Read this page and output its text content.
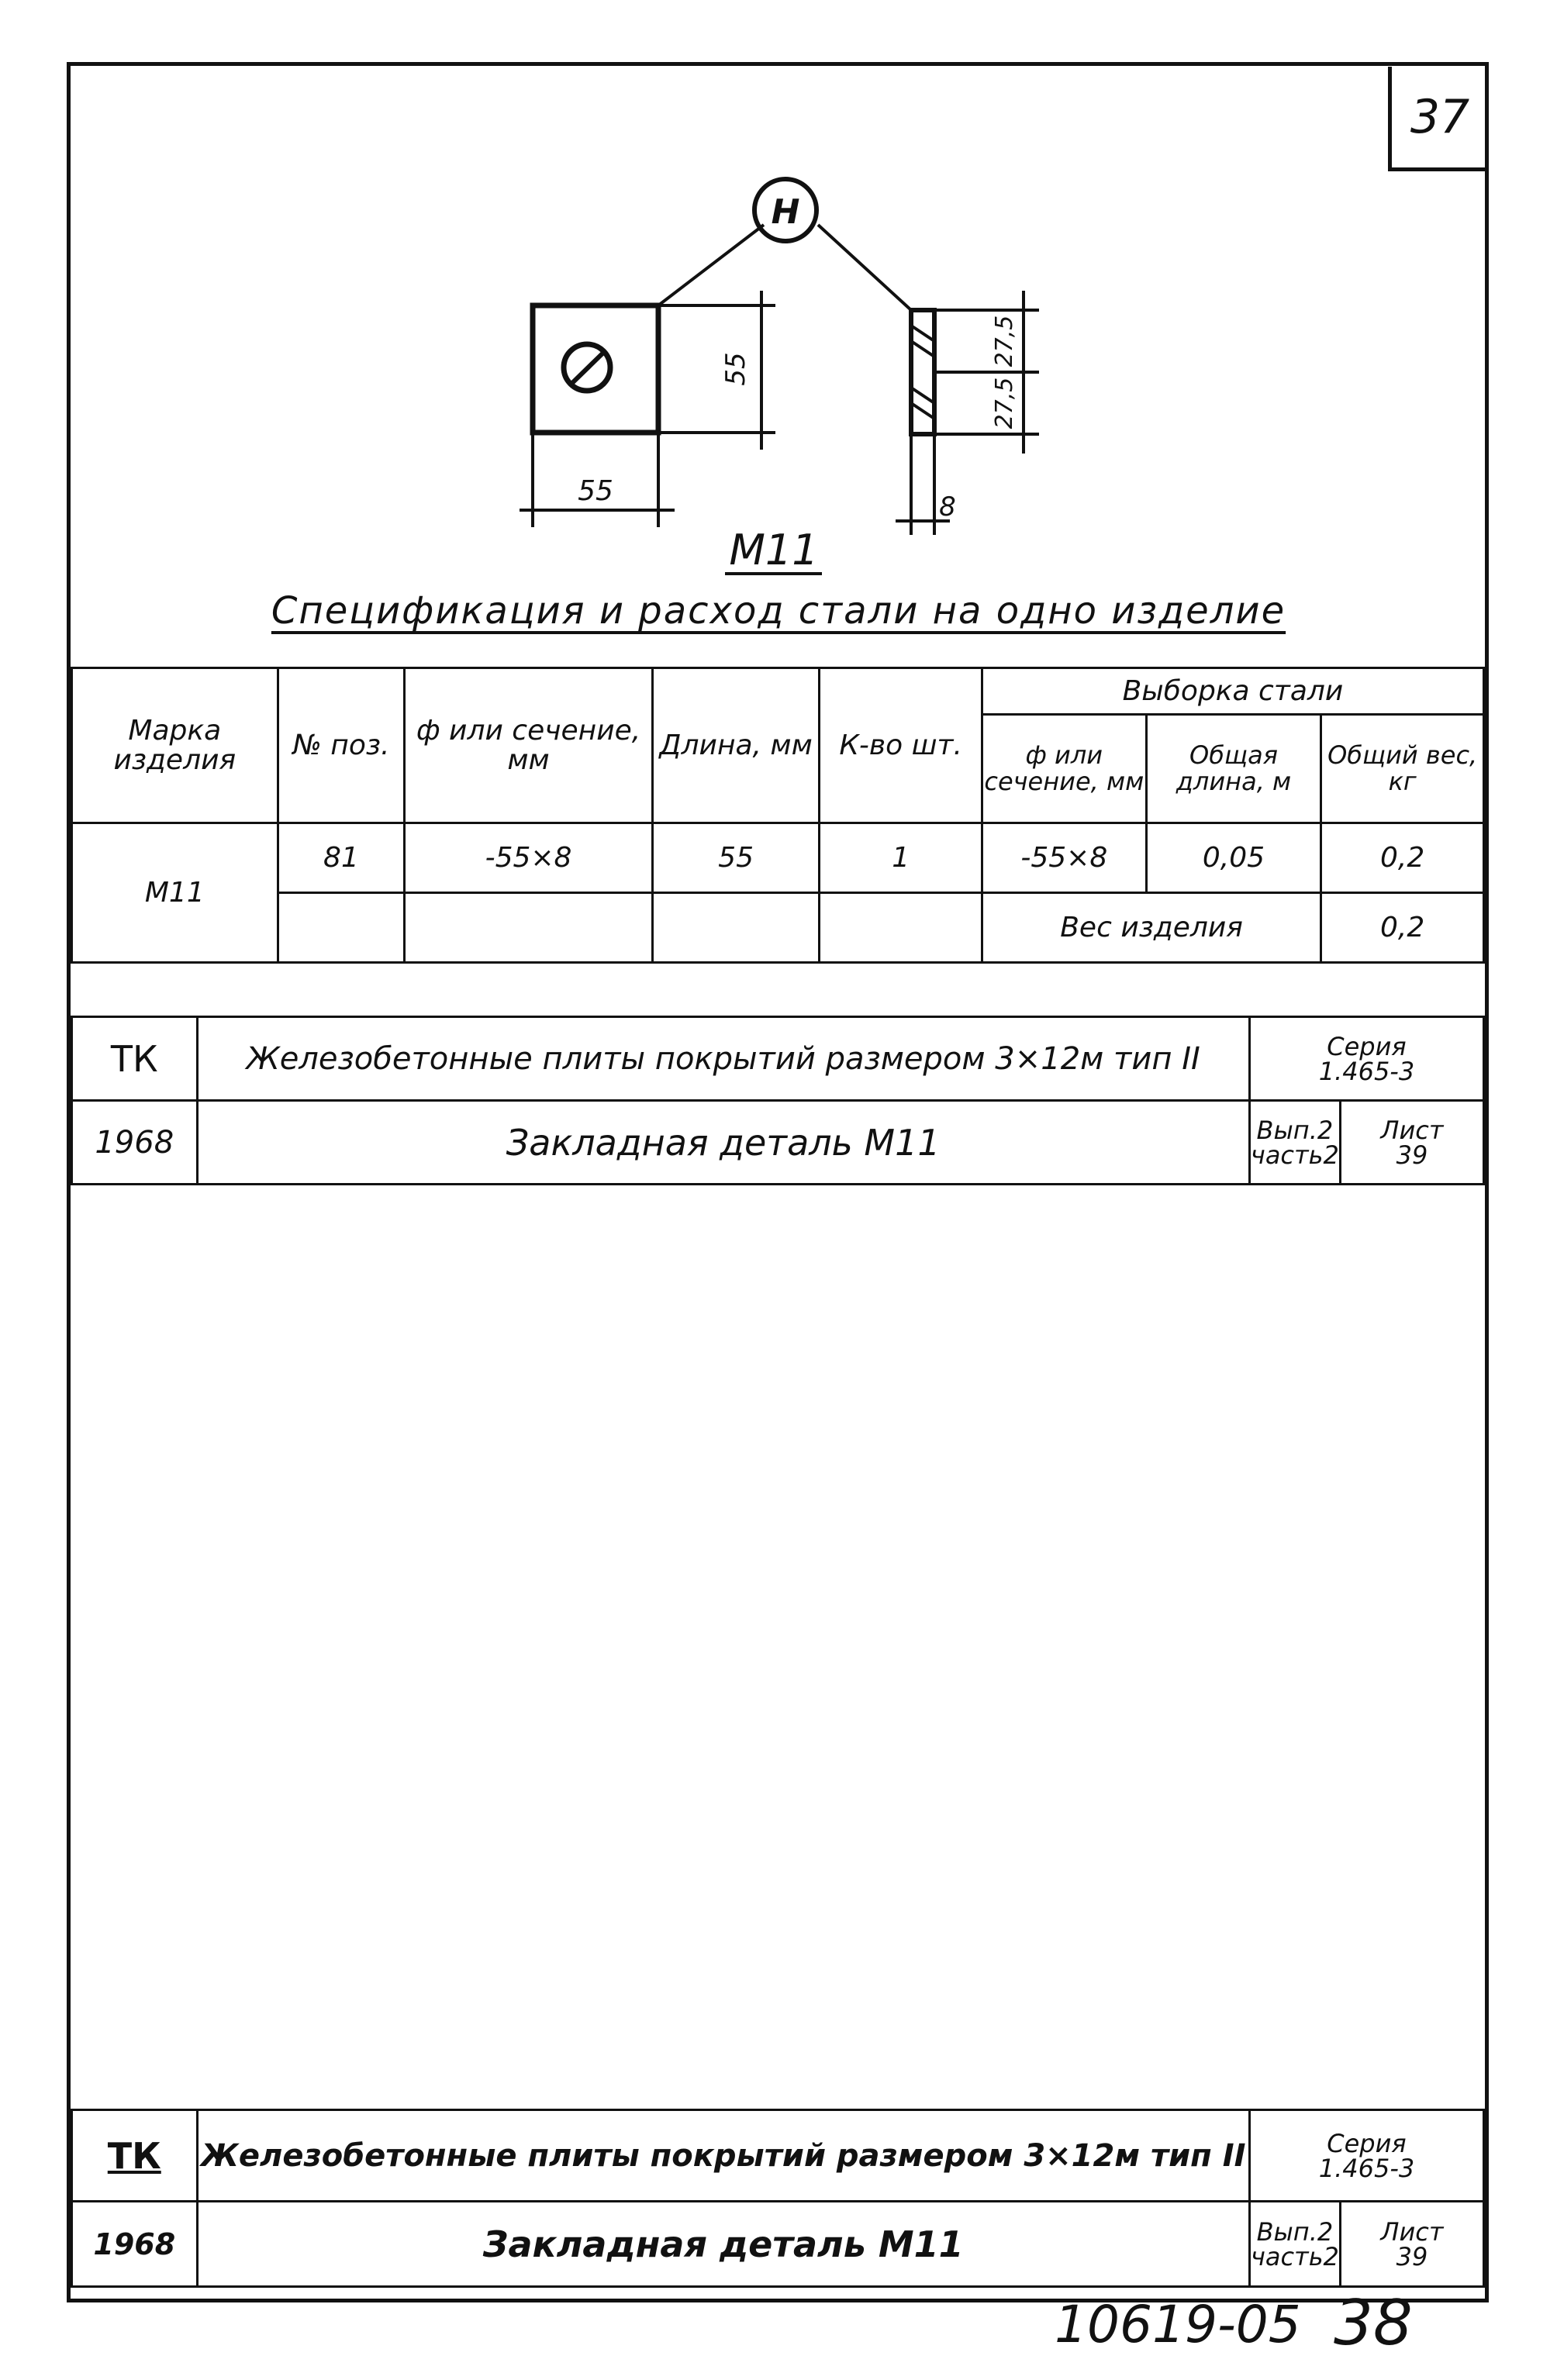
37
Н
55
55
27,5
27,5
8
М11
Спецификация и расход стали на одно изделие
Марка изделия	№ поз.	ф или сечение, мм	Длина, мм	К-во шт.	Выборка стали		
					ф или сечение, мм	Общая длина, м	Общий вес, кг
М11	81	-55×8	55	1	-55×8	0,05	0,2
					Вес изделия		0,2
ТК	Железобетонные плиты покрытий размером 3×12м тип II	Серия
1.465-3	
1968	Закладная деталь М11	Вып.2 часть2	Лист
39
ТК	Железобетонные плиты покрытий размером 3×12м тип II	Серия
1.465-3	
1968	Закладная деталь М11	Вып.2 часть2	Лист
39
10619-05 38
